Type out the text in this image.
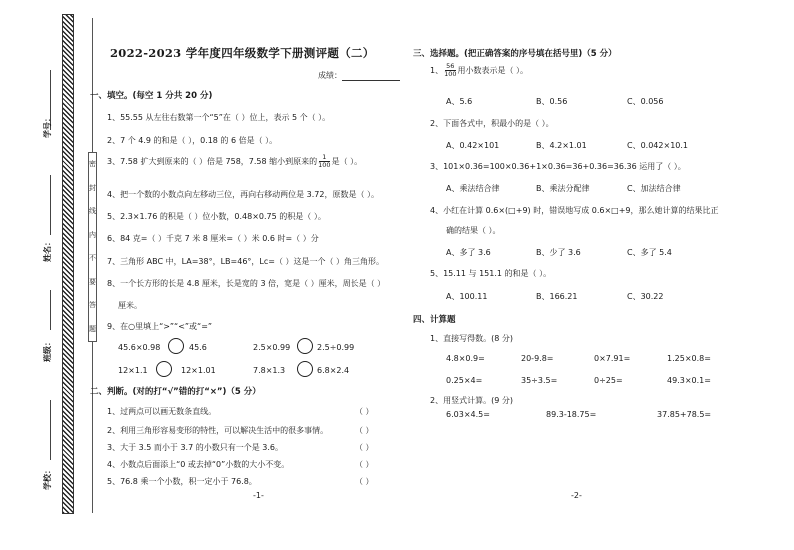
密
封
线
内
不
要
答
题
学号：
姓名：
班级：
学校：
2022-2023 学年度四年级数学下册测评题（二）
成绩：
一、填空。(每空 1 分共 20 分)
1、55.55 从左往右数第一个“5”在（ ）位上，表示 5 个（ ）。
2、7 个 4.9 的和是（ ），0.18 的 6 倍是（ ）。
3、7.58 扩大到原来的（ ）倍是 758，7.58 缩小到原来的 $\frac{1}{100}$ 是（ ）。
4、把一个数的小数点向左移动三位，再向右移动两位是 3.72，原数是（ ）。
5、2.3×1.76 的积是（ ）位小数，0.48×0.75 的积是（ ）。
6、84 克=（ ）千克 7 米 8 厘米=（ ）米 0.6 时=（ ）分
7、三角形 ABC 中，LA=38°，LB=46°，Lc=（ ）这是一个（ ）角三角形。
8、一个长方形的长是 4.8 厘米，长是宽的 3 倍，宽是（ ）厘米，周长是（ ）
厘米。
9、在○里填上“>”“<”或“=”
45.6×0.98	45.6	2.5×0.99	2.5÷0.99
12×1.1	12×1.01	7.8×1.3	6.8×2.4
二、判断。(对的打“√”错的打“×”)（5 分）
1、过两点可以画无数条直线。	（ ）
2、利用三角形容易变形的特性，可以解决生活中的很多事情。	（ ）
3、大于 3.5 而小于 3.7 的小数只有一个是 3.6。	（ ）
4、小数点后面添上“0 或去掉“0”小数的大小不变。	（ ）
5、76.8 乘一个小数，积一定小于 76.8。	（ ）
-1-
三、选择题。(把正确答案的序号填在括号里)（5 分）
1、 $\frac{56}{100}$ 用小数表示是（ ）。
A、5.6	B、0.56	C、0.056
2、下面各式中，积最小的是（ ）。
A、0.42×101	B、4.2×1.01	C、0.042×10.1
3、101×0.36=100×0.36+1×0.36=36+0.36=36.36 运用了（ ）。
A、乘法结合律	B、乘法分配律	C、加法结合律
4、小红在计算 0.6×(□+9) 时，错误地写成 0.6×□+9，那么她计算的结果比正
确的结果（ ）。
A、多了 3.6	B、少了 3.6	C、多了 5.4
5、15.11 与 151.1 的和是（ ）。
A、100.11	B、166.21	C、30.22
四、计算题
1、直接写得数。(8 分)
4.8×0.9=	20-9.8=	0×7.91=	1.25×0.8=
0.25×4=	35÷3.5=	0÷25=	49.3×0.1=
2、用竖式计算。(9 分)
6.03×4.5=	89.3-18.75=	37.85+78.5=
-2-
